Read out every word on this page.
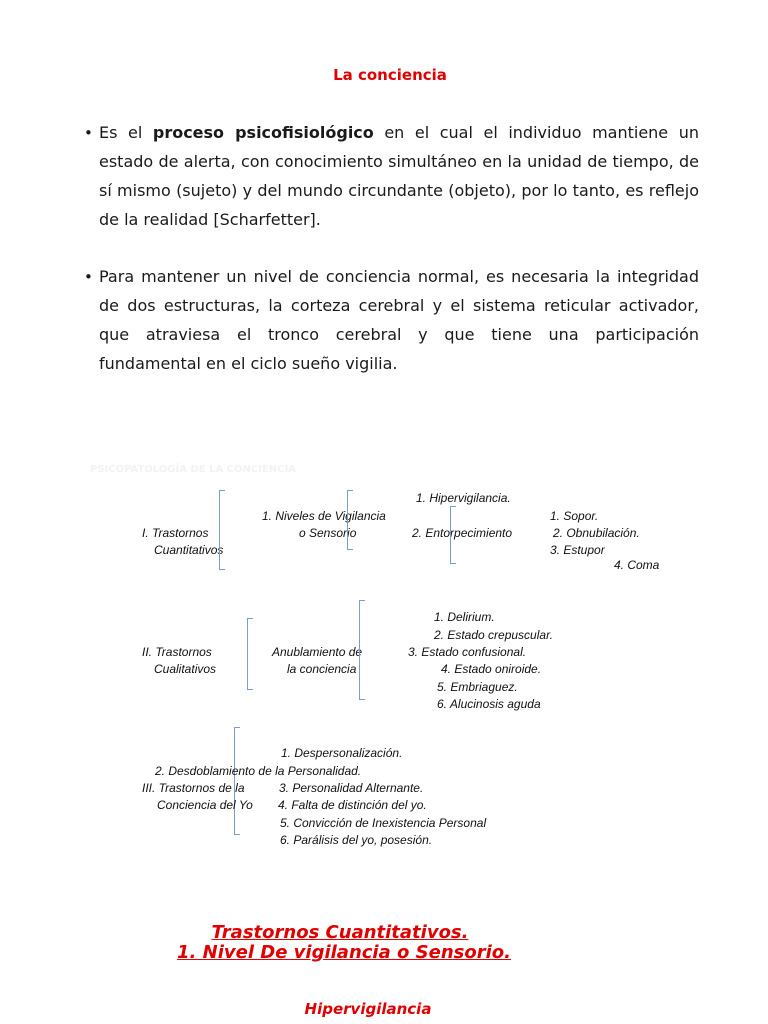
La conciencia
• Es el proceso psicofisiológico en el cual el individuo mantiene un estado de alerta, con conocimiento simultáneo en la unidad de tiempo, de sí mismo (sujeto) y del mundo circundante (objeto), por lo tanto, es reflejo de la realidad [Scharfetter].
• Para mantener un nivel de conciencia normal, es necesaria la integridad de dos estructuras, la corteza cerebral y el sistema reticular activador, que atraviesa el tronco cerebral y que tiene una participación fundamental en el ciclo sueño vigilia.
PSICOPATOLOGÍA DE LA CONCIENCIA
I. Trastornos
Cuantitativos
1. Niveles de Vigilancia
o Sensorio
1. Hipervigilancia.
2. Entorpecimiento
1. Sopor.
2. Obnubilación.
3. Estupor
4. Coma
II. Trastornos
Cualitativos
Anublamiento de
la conciencia
1. Delirium.
2. Estado crepuscular.
3. Estado confusional.
4. Estado oniroide.
5. Embriaguez.
6. Alucinosis aguda
1. Despersonalización.
2. Desdoblamiento de la Personalidad.
III. Trastornos de la
Conciencia del Yo
3. Personalidad Alternante.
4. Falta de distinción del yo.
5. Convicción de Inexistencia Personal
6. Parálisis del yo, posesión.
Trastornos Cuantitativos.
1. Nivel De vigilancia o Sensorio.
Hipervigilancia
